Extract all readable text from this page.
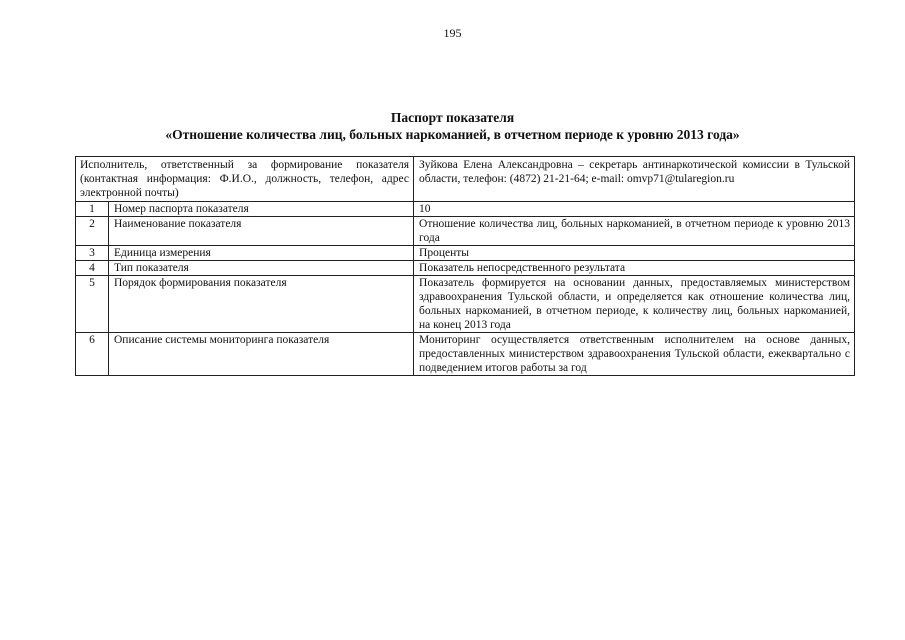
195
Паспорт показателя
«Отношение количества лиц, больных наркоманией, в отчетном периоде к уровню 2013 года»
Исполнитель, ответственный за формирование показателя (контактная информация: Ф.И.О., должность, телефон, адрес электронной почты)		Зуйкова Елена Александровна – секретарь антинаркотической комиссии в Тульской области, телефон: (4872) 21-21-64; e-mail: omvp71@tularegion.ru
1	Номер паспорта показателя	10
2	Наименование показателя	Отношение количества лиц, больных наркоманией, в отчетном периоде к уровню 2013 года
3	Единица измерения	Проценты
4	Тип показателя	Показатель непосредственного результата
5	Порядок формирования показателя	Показатель формируется на основании данных, предоставляемых министерством здравоохранения Тульской области, и определяется как отношение количества лиц, больных наркоманией, в отчетном периоде, к количеству лиц, больных наркоманией, на конец 2013 года
6	Описание системы мониторинга показателя	Мониторинг осуществляется ответственным исполнителем на основе данных, предоставленных министерством здравоохранения Тульской области, ежеквартально с подведением итогов работы за год
